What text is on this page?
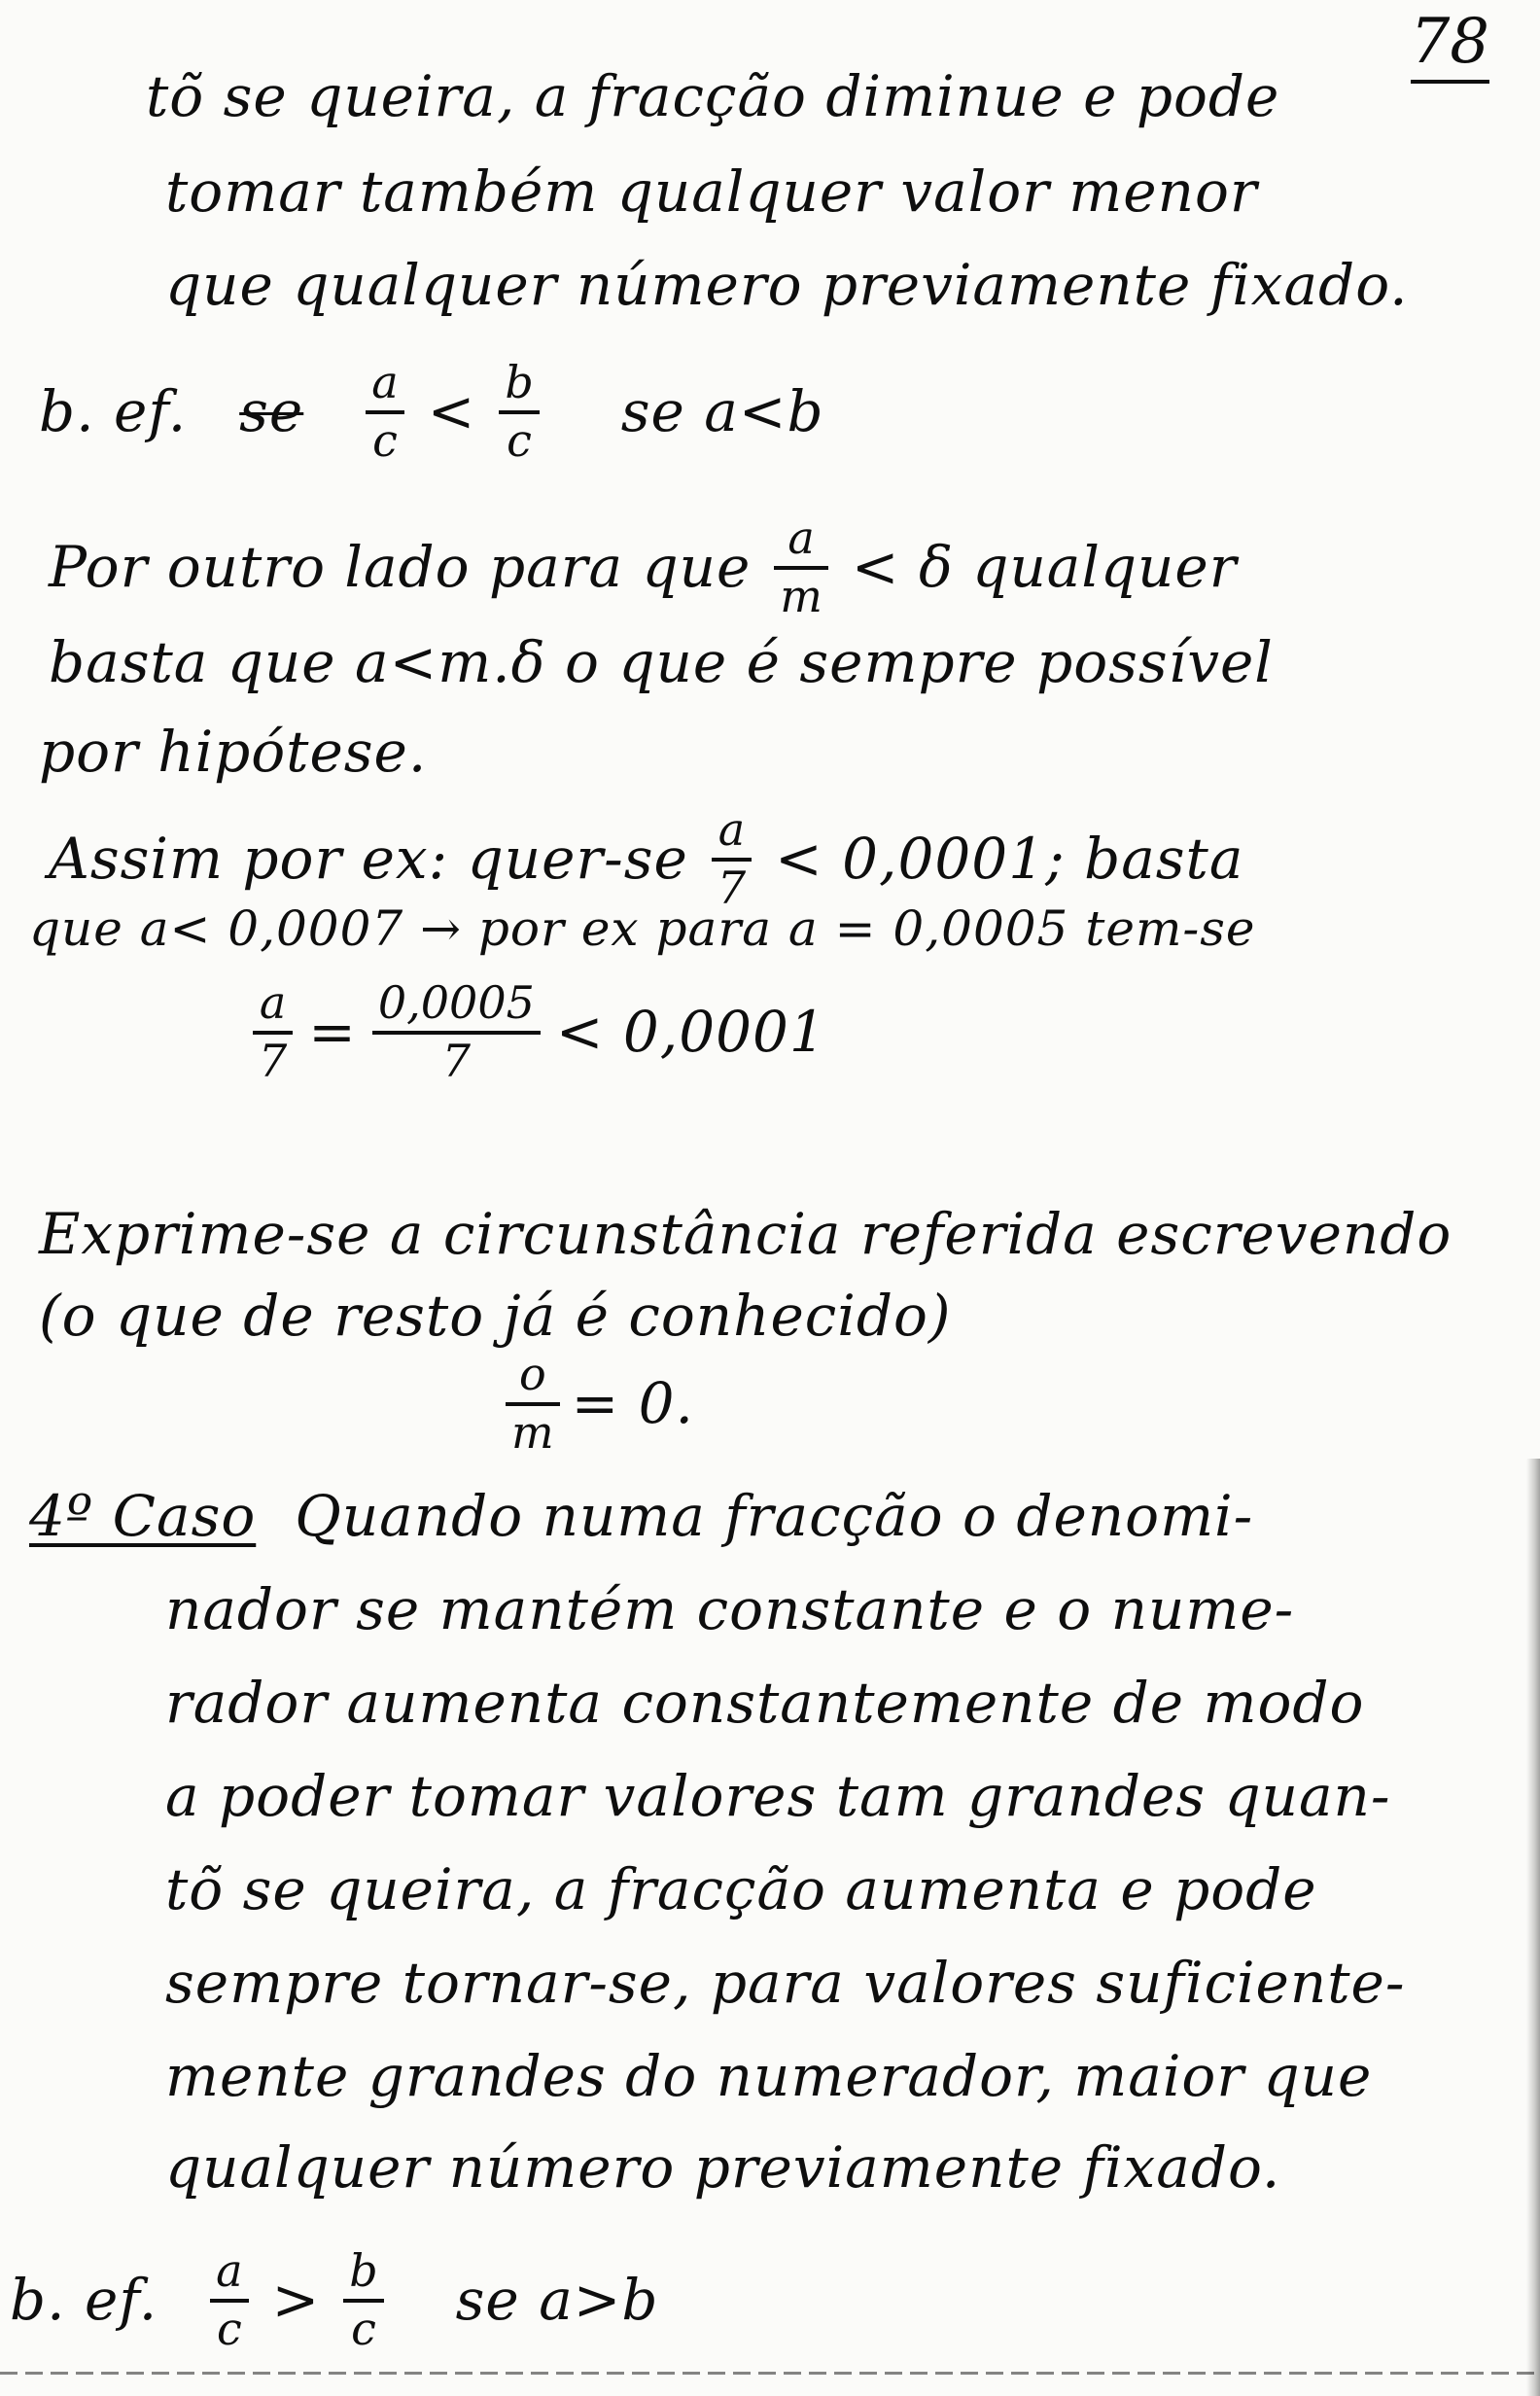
78
tõ se queira, a fracção diminue e pode
tomar também qualquer valor menor
que qualquer número previamente fixado.
b. ef. se $\frac{a}{c} < \frac{b}{c}$ se a<b
Por outro lado para que $\frac{a}{m} < \delta$ qualquer
basta que a<m.δ o que é sempre possível
por hipótese.
Assim por ex: quer-se $\frac{a}{7} < 0,0001$; basta
que a< 0,0007 → por ex para a = 0,0005 tem-se
$\frac{a}{7} = \frac{0,0005}{7} < 0,0001$
Exprime-se a circunstância referida escrevendo
(o que de resto já é conhecido)
$\frac{o}{m} = 0$.
4º Caso Quando numa fracção o denomi-
nador se mantém constante e o nume-
rador aumenta constantemente de modo
a poder tomar valores tam grandes quan-
tõ se queira, a fracção aumenta e pode
sempre tornar-se, para valores suficiente-
mente grandes do numerador, maior que
qualquer número previamente fixado.
b. ef. $\frac{a}{c} > \frac{b}{c}$ se a>b
